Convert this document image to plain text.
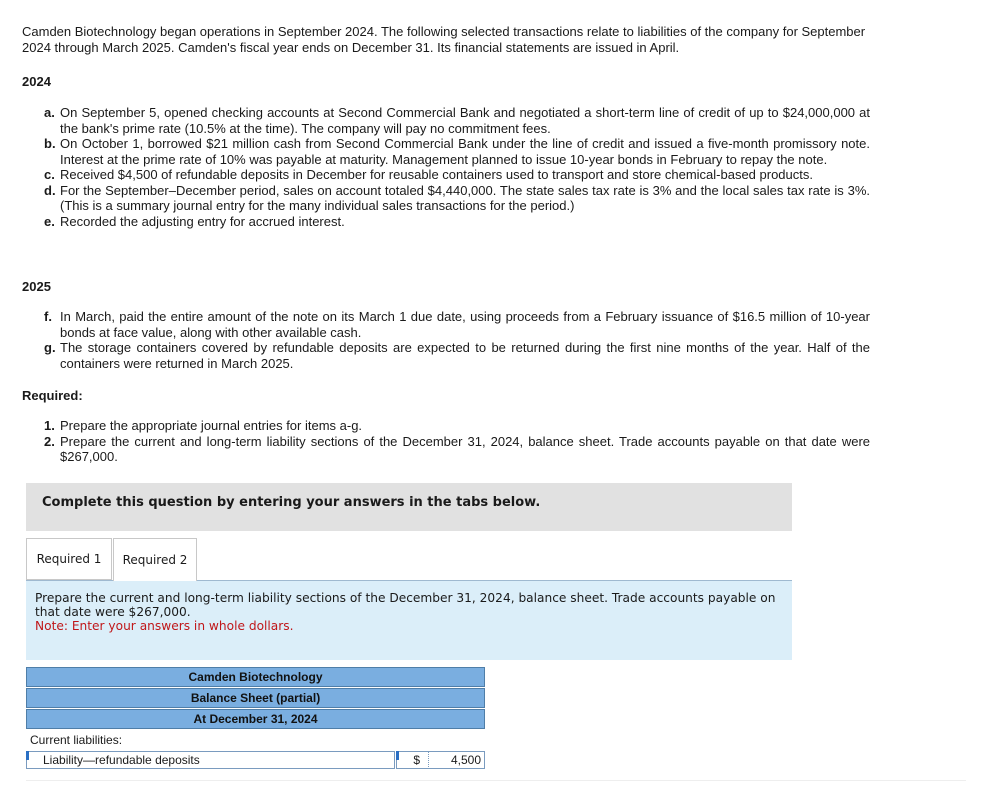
Camden Biotechnology began operations in September 2024. The following selected transactions relate to liabilities of the company for September 2024 through March 2025. Camden's fiscal year ends on December 31. Its financial statements are issued in April.
2024
a. On September 5, opened checking accounts at Second Commercial Bank and negotiated a short-term line of credit of up to $24,000,000 at the bank's prime rate (10.5% at the time). The company will pay no commitment fees.
b. On October 1, borrowed $21 million cash from Second Commercial Bank under the line of credit and issued a five-month promissory note. Interest at the prime rate of 10% was payable at maturity. Management planned to issue 10-year bonds in February to repay the note.
c. Received $4,500 of refundable deposits in December for reusable containers used to transport and store chemical-based products.
d. For the September–December period, sales on account totaled $4,440,000. The state sales tax rate is 3% and the local sales tax rate is 3%. (This is a summary journal entry for the many individual sales transactions for the period.)
e. Recorded the adjusting entry for accrued interest.
2025
f. In March, paid the entire amount of the note on its March 1 due date, using proceeds from a February issuance of $16.5 million of 10-year bonds at face value, along with other available cash.
g. The storage containers covered by refundable deposits are expected to be returned during the first nine months of the year. Half of the containers were returned in March 2025.
Required:
1. Prepare the appropriate journal entries for items a-g.
2. Prepare the current and long-term liability sections of the December 31, 2024, balance sheet. Trade accounts payable on that date were $267,000.
Complete this question by entering your answers in the tabs below.
Required 1	Required 2
Prepare the current and long-term liability sections of the December 31, 2024, balance sheet. Trade accounts payable on that date were $267,000.
Note: Enter your answers in whole dollars.
Camden Biotechnology
Balance Sheet (partial)
At December 31, 2024
Current liabilities:
Liability—refundable deposits	$	4,500
